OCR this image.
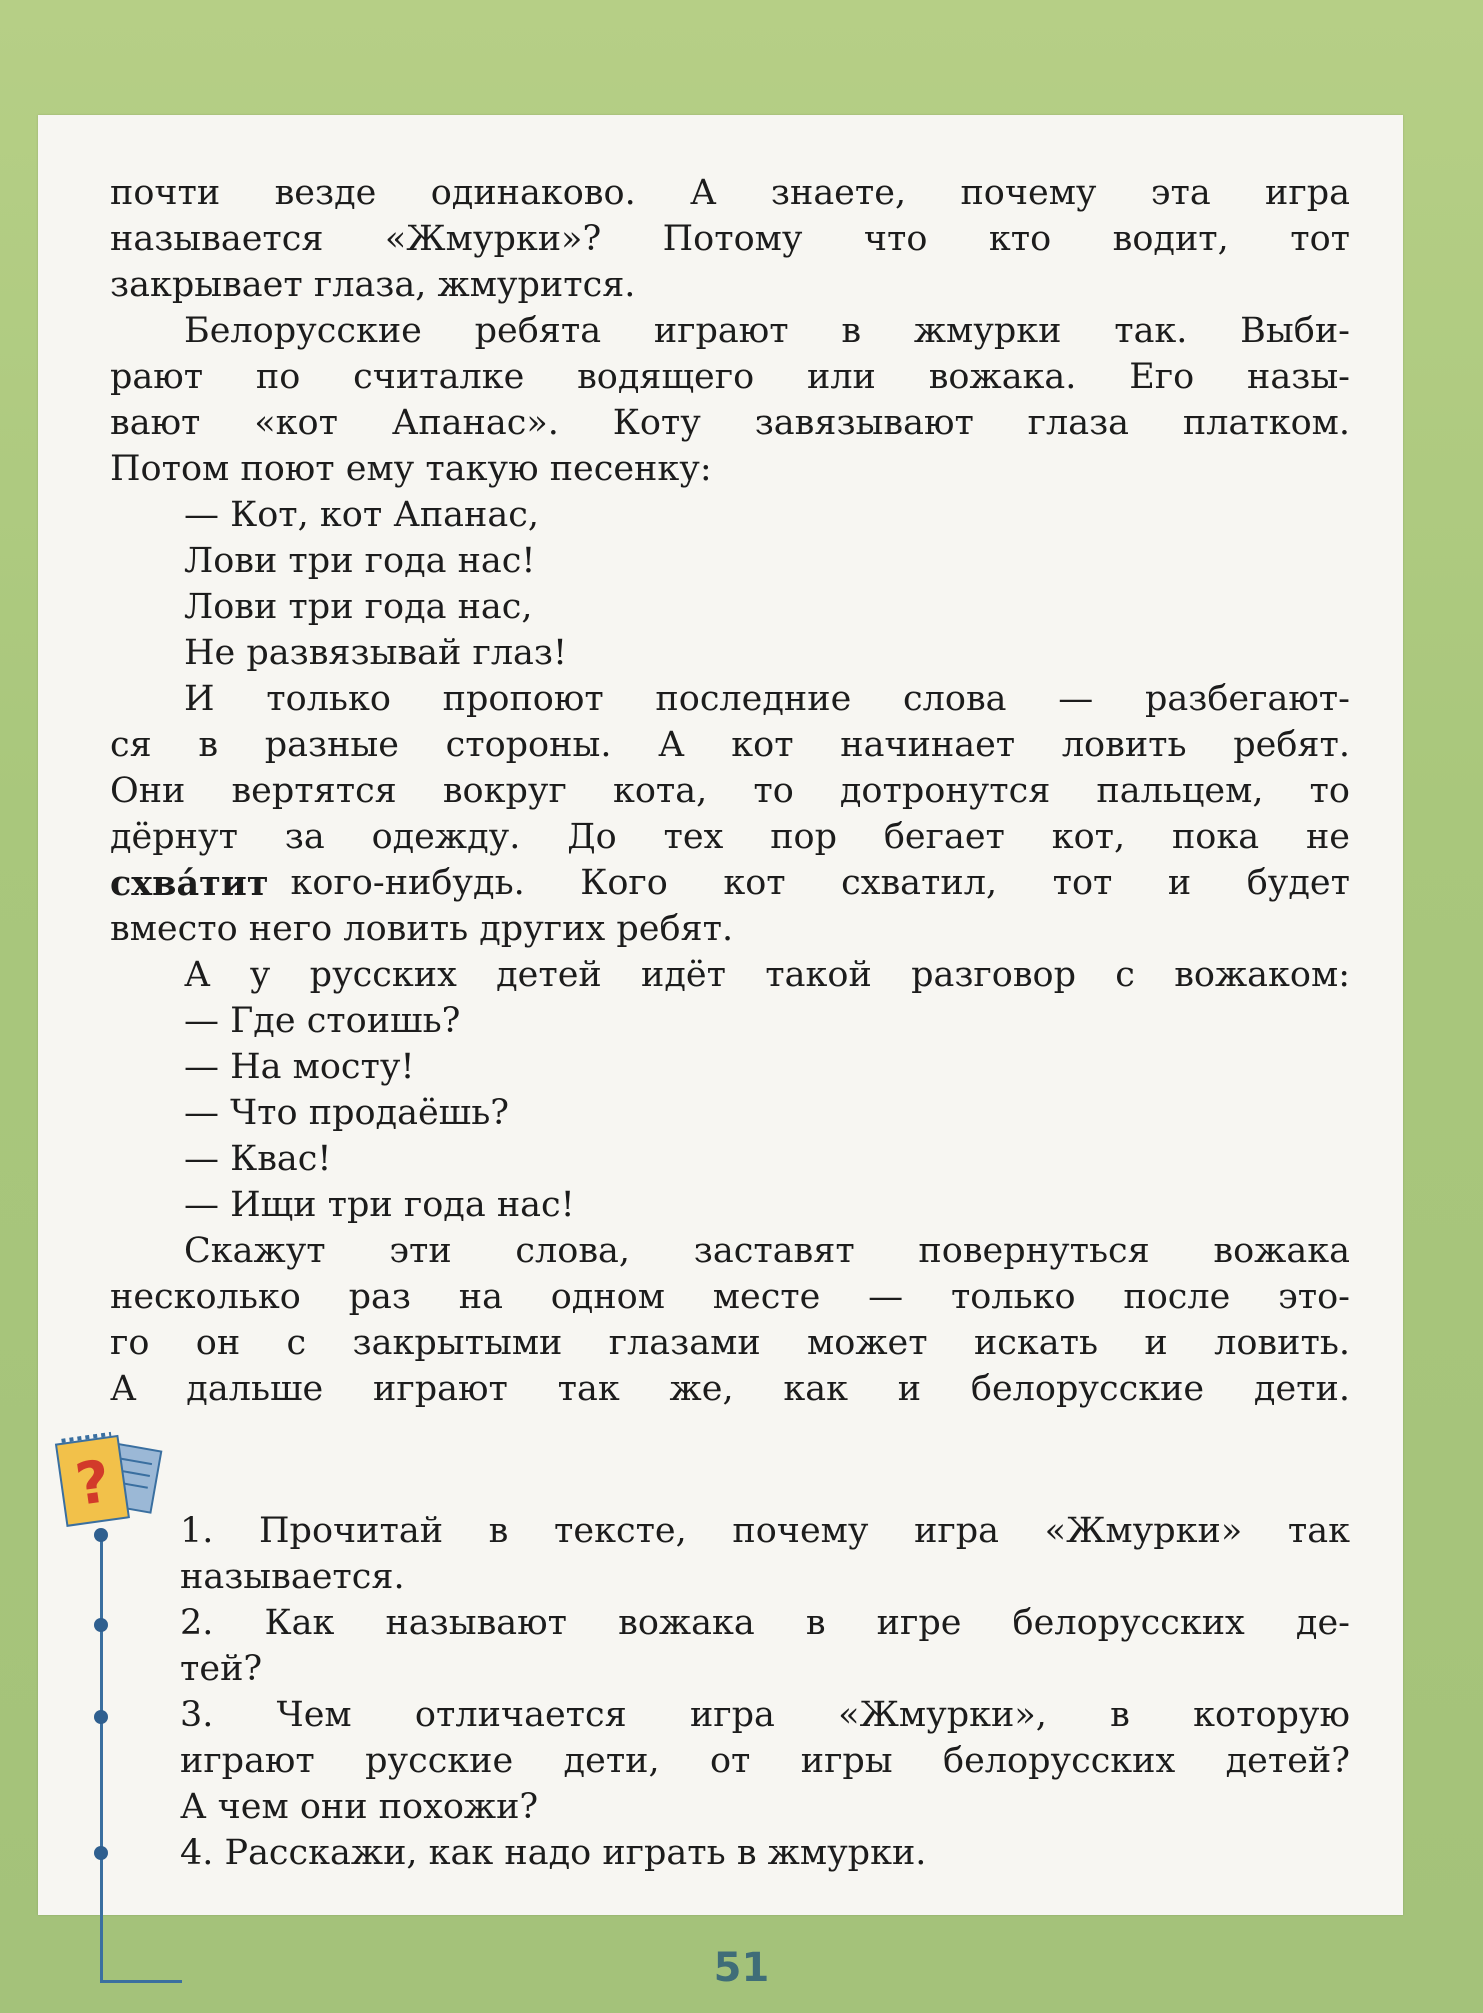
почти везде одинаково. А знаете, почему эта игра
называется «Жмурки»? Потому что кто водит, тот
закрывает глаза, жмурится.
Белорусские ребята играют в жмурки так. Выби-
рают по считалке водящего или вожака. Его назы-
вают «кот Апанас». Коту завязывают глаза платком.
Потом поют ему такую песенку:
— Кот, кот Апанас,
Лови три года нас!
Лови три года нас,
Не развязывай глаз!
И только пропоют последние слова — разбегают-
ся в разные стороны. А кот начинает ловить ребят.
Они вертятся вокруг кота, то дотронутся пальцем, то
дёрнут за одежду. До тех пор бегает кот, пока не
схвáтит кого-нибудь. Кого кот схватил, тот и будет
вместо него ловить других ребят.
А у русских детей идёт такой разговор с вожаком:
— Где стоишь?
— На мосту!
— Что продаёшь?
— Квас!
— Ищи три года нас!
Скажут эти слова, заставят повернуться вожака
несколько раз на одном месте — только после это-
го он с закрытыми глазами может искать и ловить.
А дальше играют так же, как и белорусские дети.
?
1. Прочитай в тексте, почему игра «Жмурки» так
называется.
2. Как называют вожака в игре белорусских де-
тей?
3. Чем отличается игра «Жмурки», в которую
играют русские дети, от игры белорусских детей?
А чем они похожи?
4. Расскажи, как надо играть в жмурки.
51
